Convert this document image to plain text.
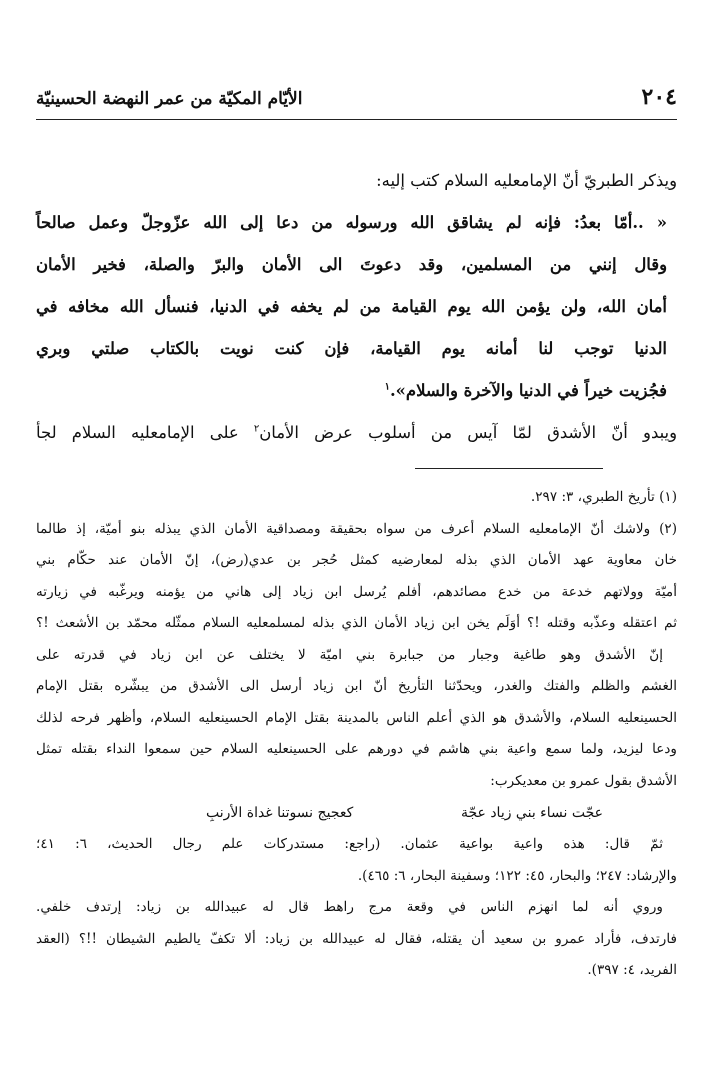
٢٠٤
الأيّام المكيّة من عمر النهضة الحسينيّة
ويذكر الطبريّ أنّ الإمامعليه السلام كتب إليه:
« ..أمّا بعدُ: فإنه لم يشاقق الله ورسوله من دعا إلى الله عزّوجلّ وعمل صالحاً
وقال إنني من المسلمين، وقد دعوتَ الى الأمان والبرّ والصلة، فخير الأمان
أمان الله، ولن يؤمن الله يوم القيامة من لم يخفه في الدنيا، فنسأل الله مخافه في
الدنيا توجب لنا أمانه يوم القيامة، فإن كنت نويت بالكتاب صلتي وبري
فجُزيت خيراً في الدنيا والآخرة والسلام».$^١$
ويبدو أنّ الأشدق لمّا آيس من أسلوب عرض الأمان$^٢$ على الإمامعليه السلام لجأ
(١) تأريخ الطبري، ٣: ٢٩٧.
(٢) ولاشك أنّ الإمامعليه السلام أعرف من سواه بحقيقة ومصداقية الأمان الذي يبذله بنو أميّة، إذ طالما
خان معاوية عهد الأمان الذي بذله لمعارضيه كمثل حُجر بن عدي(رض)، إنّ الأمان عند حكّام بني
أميّة وولاتهم خدعة من خدع مصائدهم، أفلم يُرسل ابن زياد إلى هاني من يؤمنه ويرغّبه في زيارته
ثم اعتقله وعذّبه وقتله !؟ أوَلَم يخن ابن زياد الأمان الذي بذله لمسلمعليه السلام ممثّله محمّد بن الأشعث !؟
إنّ الأشدق وهو طاغية وجبار من جبابرة بني اميّة لا يختلف عن ابن زياد في قدرته على
الغشم والظلم والفتك والغدر، ويحدّثنا التأريخ أنّ ابن زياد أرسل الى الأشدق من يبشّره بقتل الإمام
الحسينعليه السلام، والأشدق هو الذي أعلم الناس بالمدينة بقتل الإمام الحسينعليه السلام، وأظهر فرحه لذلك
ودعا ليزيد، ولما سمع واعية بني هاشم في دورهم على الحسينعليه السلام حين سمعوا النداء بقتله تمثل
الأشدق بقول عمرو بن معديكرب:
عجّت نساء بني زياد عجّة
كعجيج نسوتنا غداة الأرنبِ
ثمّ قال: هذه واعية بواعية عثمان. (راجع: مستدركات علم رجال الحديث، ٦: ٤١؛
والإرشاد: ٢٤٧؛ والبحار، ٤٥: ١٢٢؛ وسفينة البحار، ٦: ٤٦٥).
وروي أنه لما انهزم الناس في وقعة مرج راهط قال له عبيدالله بن زياد: إرتدف خلفي.
فارتدف، فأراد عمرو بن سعيد أن يقتله، فقال له عبيدالله بن زياد: ألا تكفّ يالطيم الشيطان !!؟ (العقد
الفريد، ٤: ٣٩٧).
